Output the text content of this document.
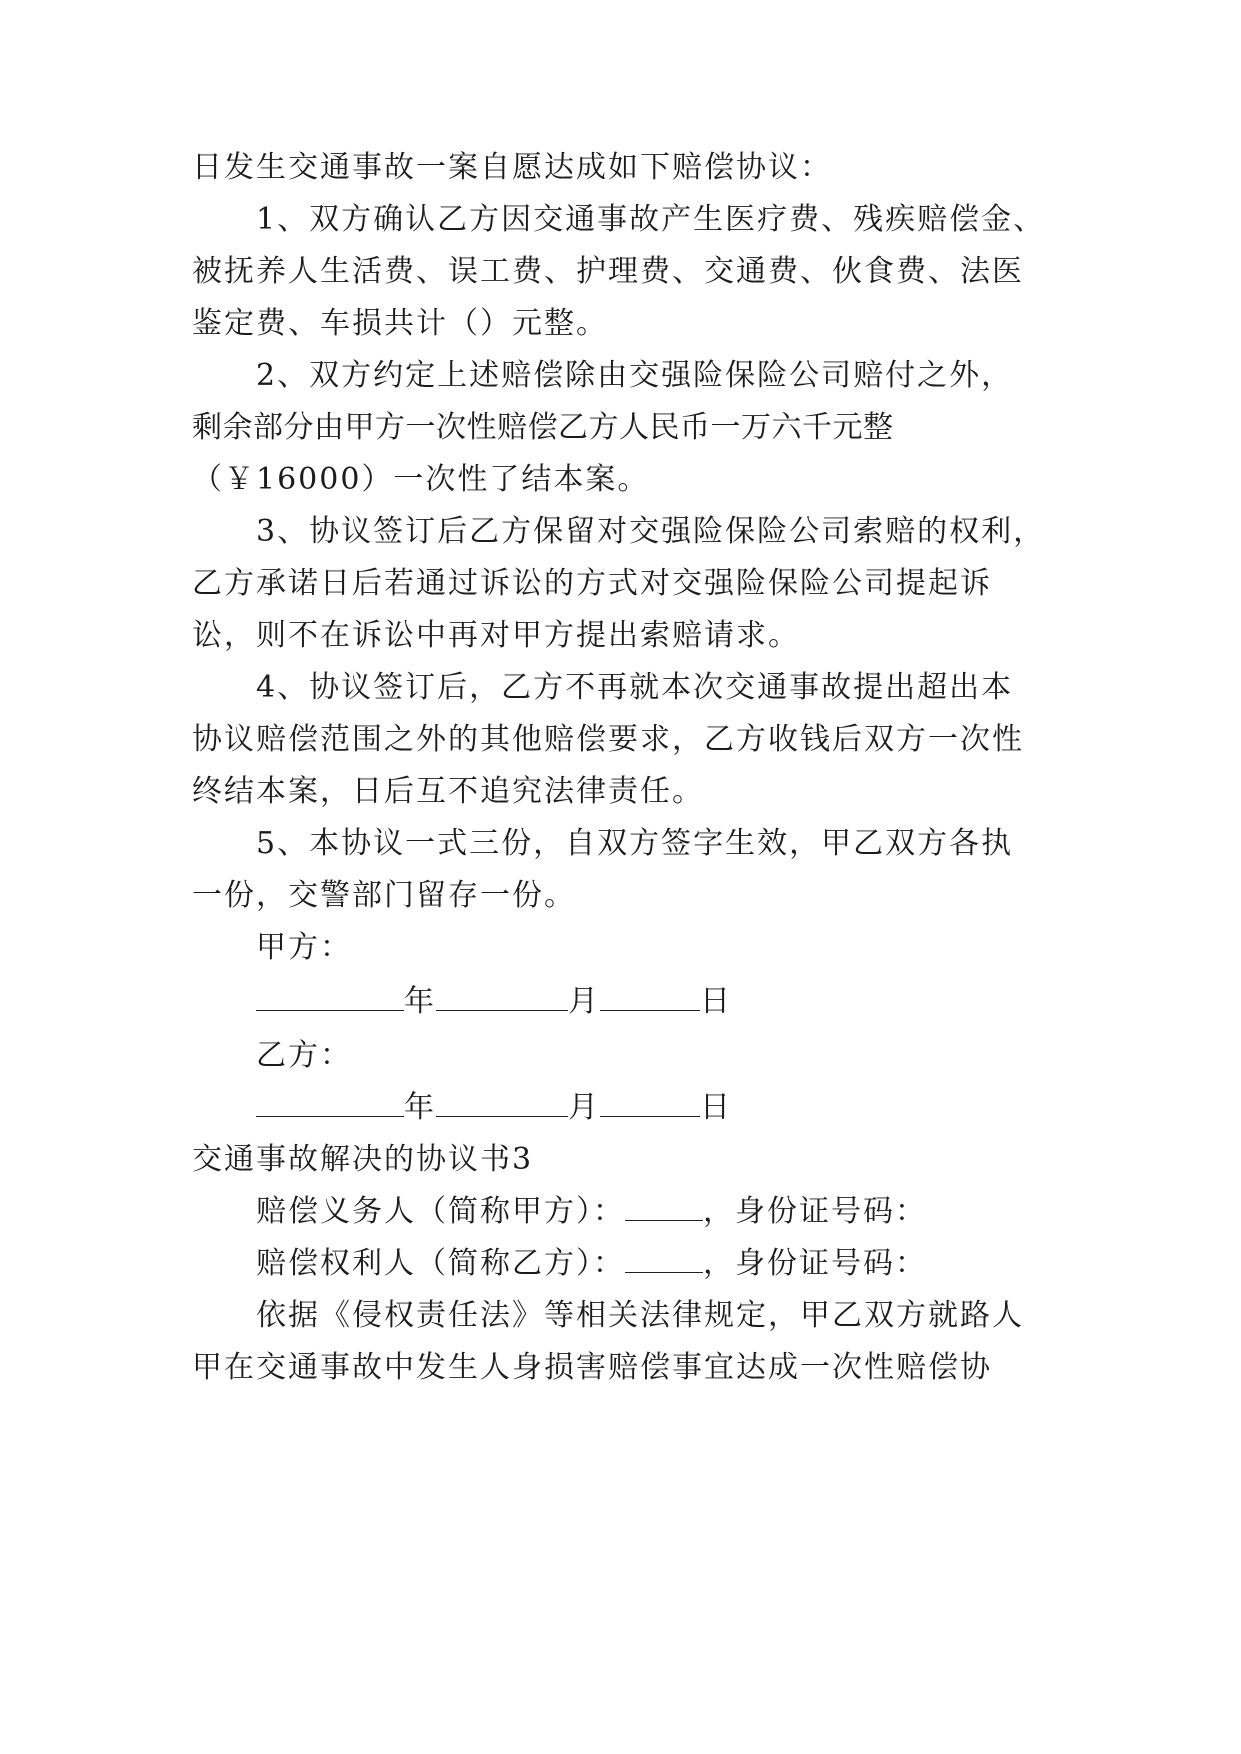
日发生交通事故一案自愿达成如下赔偿协议：
1、双方确认乙方因交通事故产生医疗费、残疾赔偿金、
被抚养人生活费、误工费、护理费、交通费、伙食费、法医
鉴定费、车损共计（）元整。
2、双方约定上述赔偿除由交强险保险公司赔付之外，
剩余部分由甲方一次性赔偿乙方人民币一万六千元整
（￥16000）一次性了结本案。
3、协议签订后乙方保留对交强险保险公司索赔的权利，
乙方承诺日后若通过诉讼的方式对交强险保险公司提起诉
讼，则不在诉讼中再对甲方提出索赔请求。
4、协议签订后，乙方不再就本次交通事故提出超出本
协议赔偿范围之外的其他赔偿要求，乙方收钱后双方一次性
终结本案，日后互不追究法律责任。
5、本协议一式三份，自双方签字生效，甲乙双方各执
一份，交警部门留存一份。
甲方：
年	月	日
乙方：
年	月	日
交通事故解决的协议书3
赔偿义务人（简称甲方）：	，身份证号码：
赔偿权利人（简称乙方）：	，身份证号码：
依据《侵权责任法》等相关法律规定，甲乙双方就路人
甲在交通事故中发生人身损害赔偿事宜达成一次性赔偿协
